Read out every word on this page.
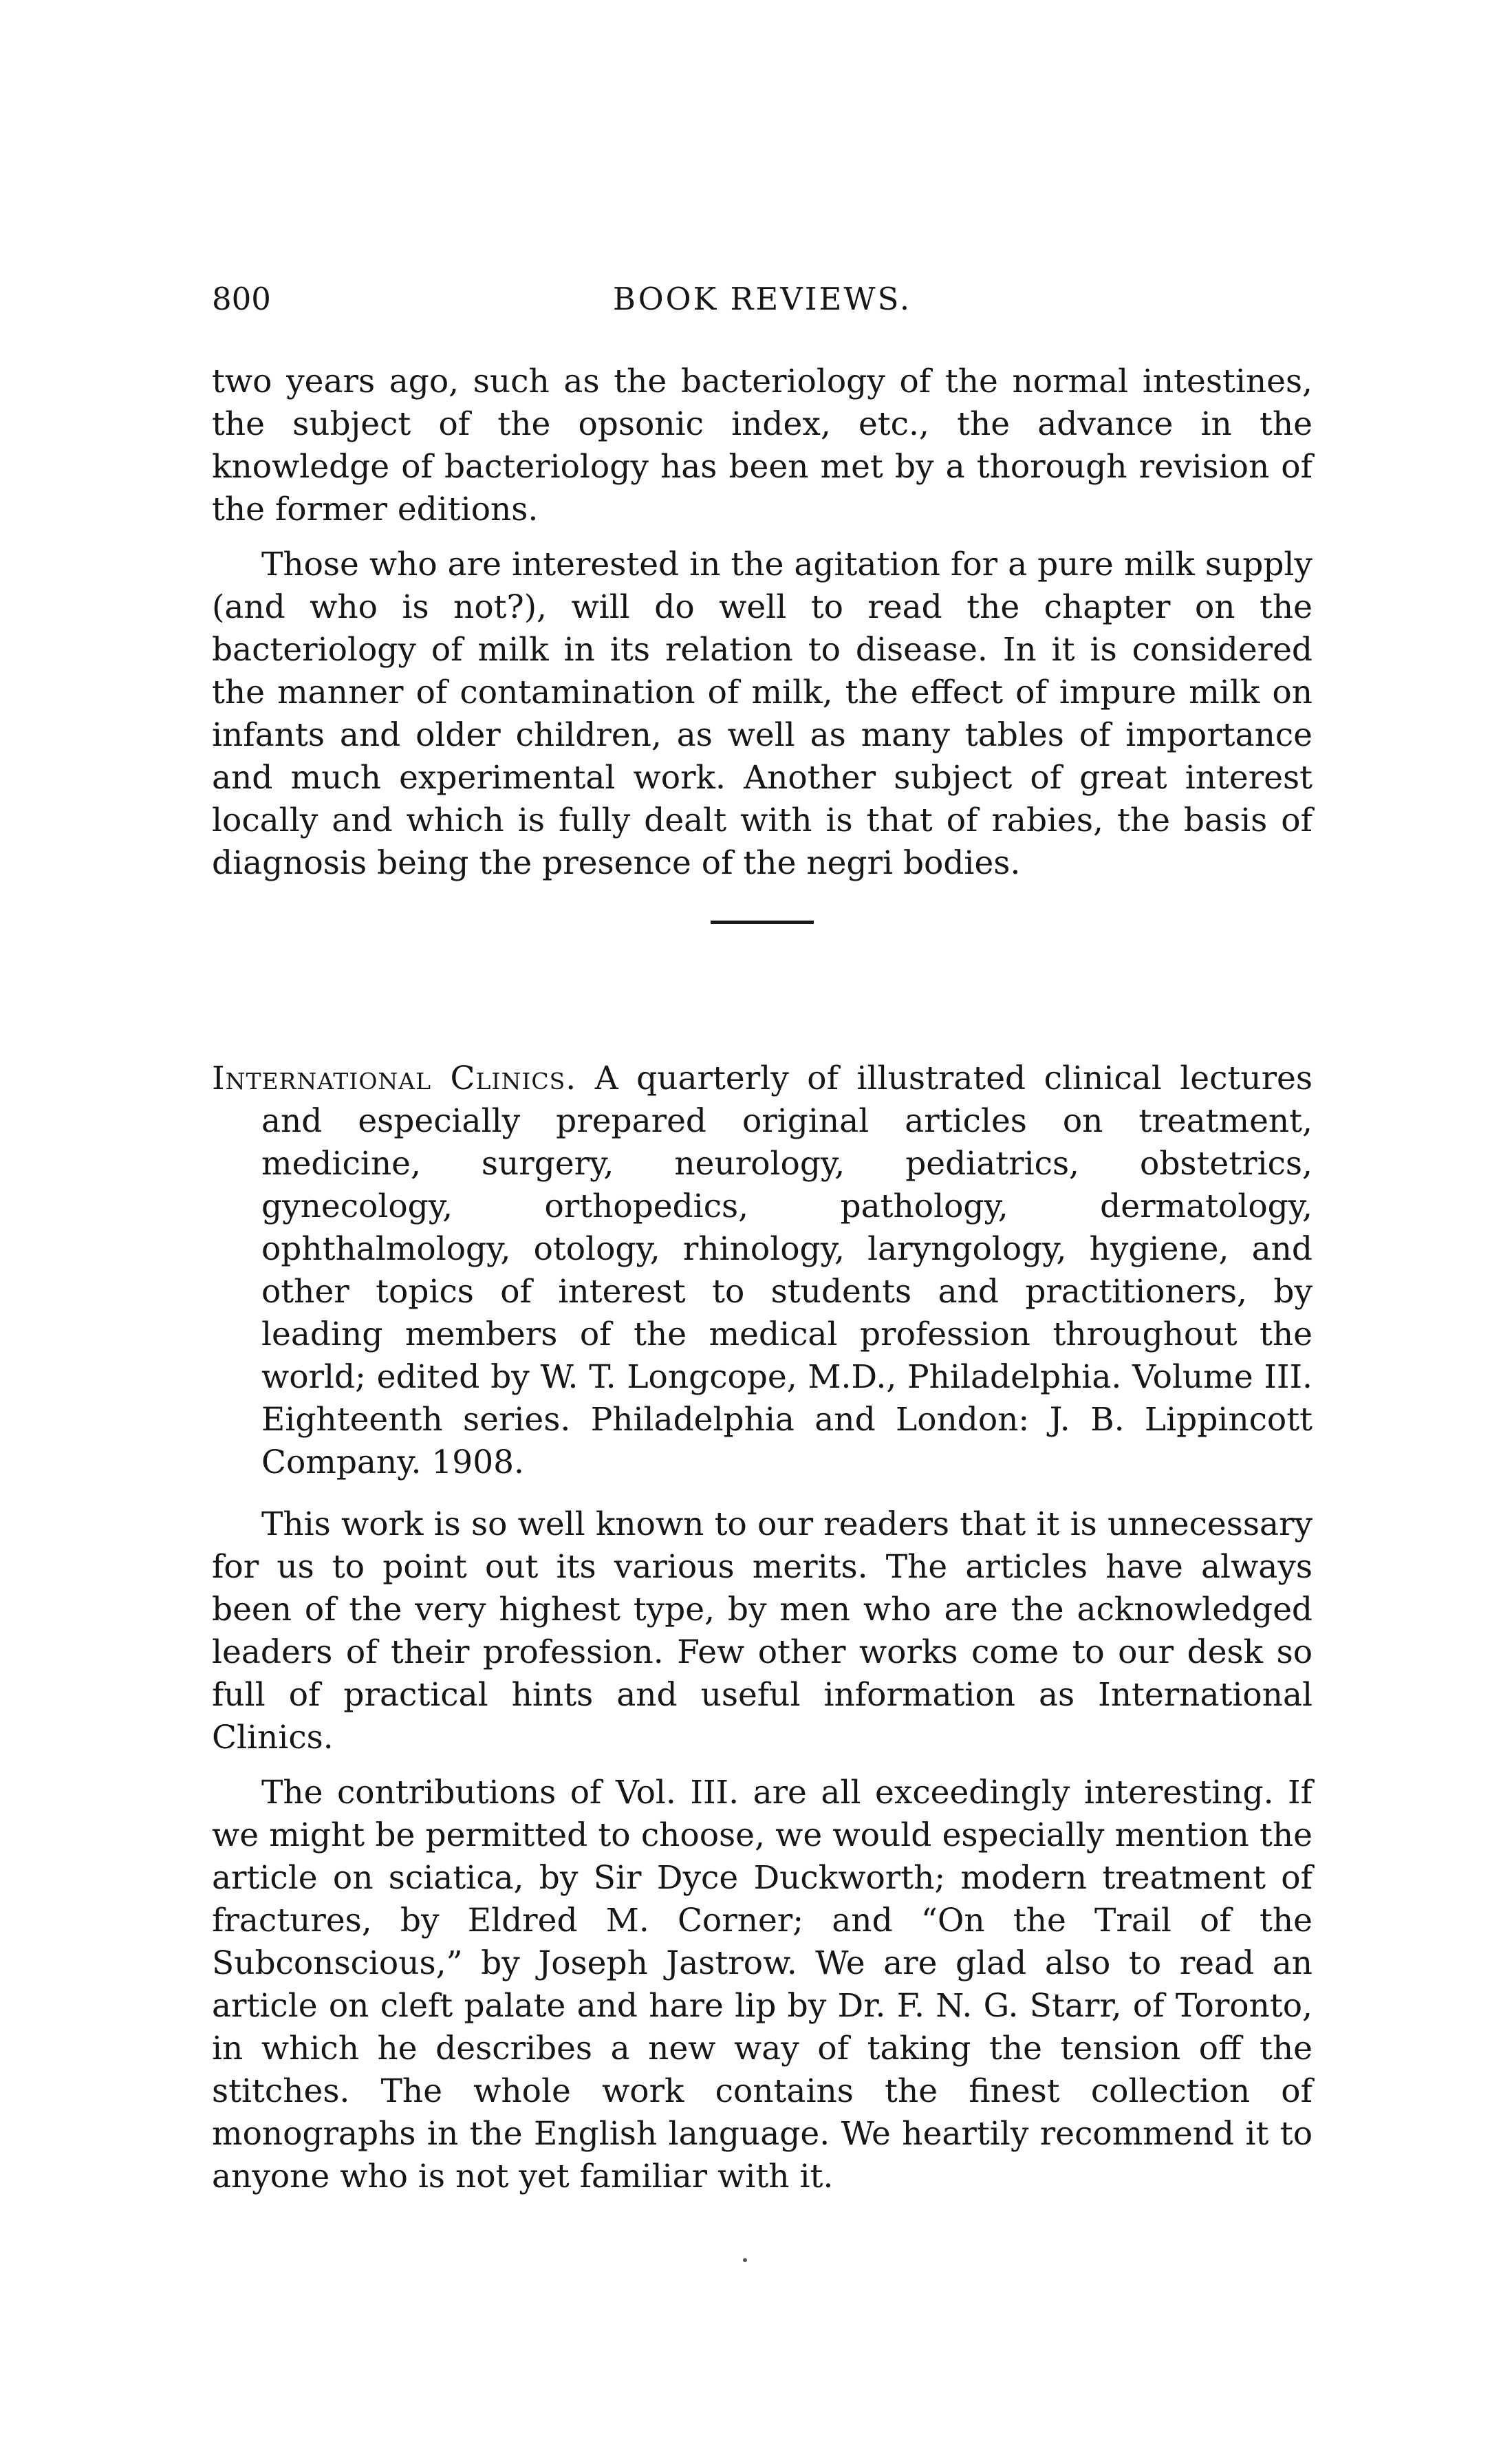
800	BOOK REVIEWS.

two years ago, such as the bacteriology of the normal intestines, the subject of the opsonic index, etc., the advance in the knowledge of bacteriology has been met by a thorough revision of the former editions.

Those who are interested in the agitation for a pure milk supply (and who is not?), will do well to read the chapter on the bacteriology of milk in its relation to disease. In it is considered the manner of contamination of milk, the effect of impure milk on infants and older children, as well as many tables of importance and much experimental work. Another subject of great interest locally and which is fully dealt with is that of rabies, the basis of diagnosis being the presence of the negri bodies.

International Clinics. A quarterly of illustrated clinical lectures and especially prepared original articles on treatment, medicine, surgery, neurology, pediatrics, obstetrics, gynecology, orthopedics, pathology, dermatology, ophthalmology, otology, rhinology, laryngology, hygiene, and other topics of interest to students and practitioners, by leading members of the medical profession throughout the world; edited by W. T. Longcope, M.D., Philadelphia. Volume III. Eighteenth series. Philadelphia and London: J. B. Lippincott Company. 1908.

This work is so well known to our readers that it is unnecessary for us to point out its various merits. The articles have always been of the very highest type, by men who are the acknowledged leaders of their profession. Few other works come to our desk so full of practical hints and useful information as International Clinics.

The contributions of Vol. III. are all exceedingly interesting. If we might be permitted to choose, we would especially mention the article on sciatica, by Sir Dyce Duckworth; modern treatment of fractures, by Eldred M. Corner; and “On the Trail of the Subconscious,” by Joseph Jastrow. We are glad also to read an article on cleft palate and hare lip by Dr. F. N. G. Starr, of Toronto, in which he describes a new way of taking the tension off the stitches. The whole work contains the finest collection of monographs in the English language. We heartily recommend it to anyone who is not yet familiar with it.
